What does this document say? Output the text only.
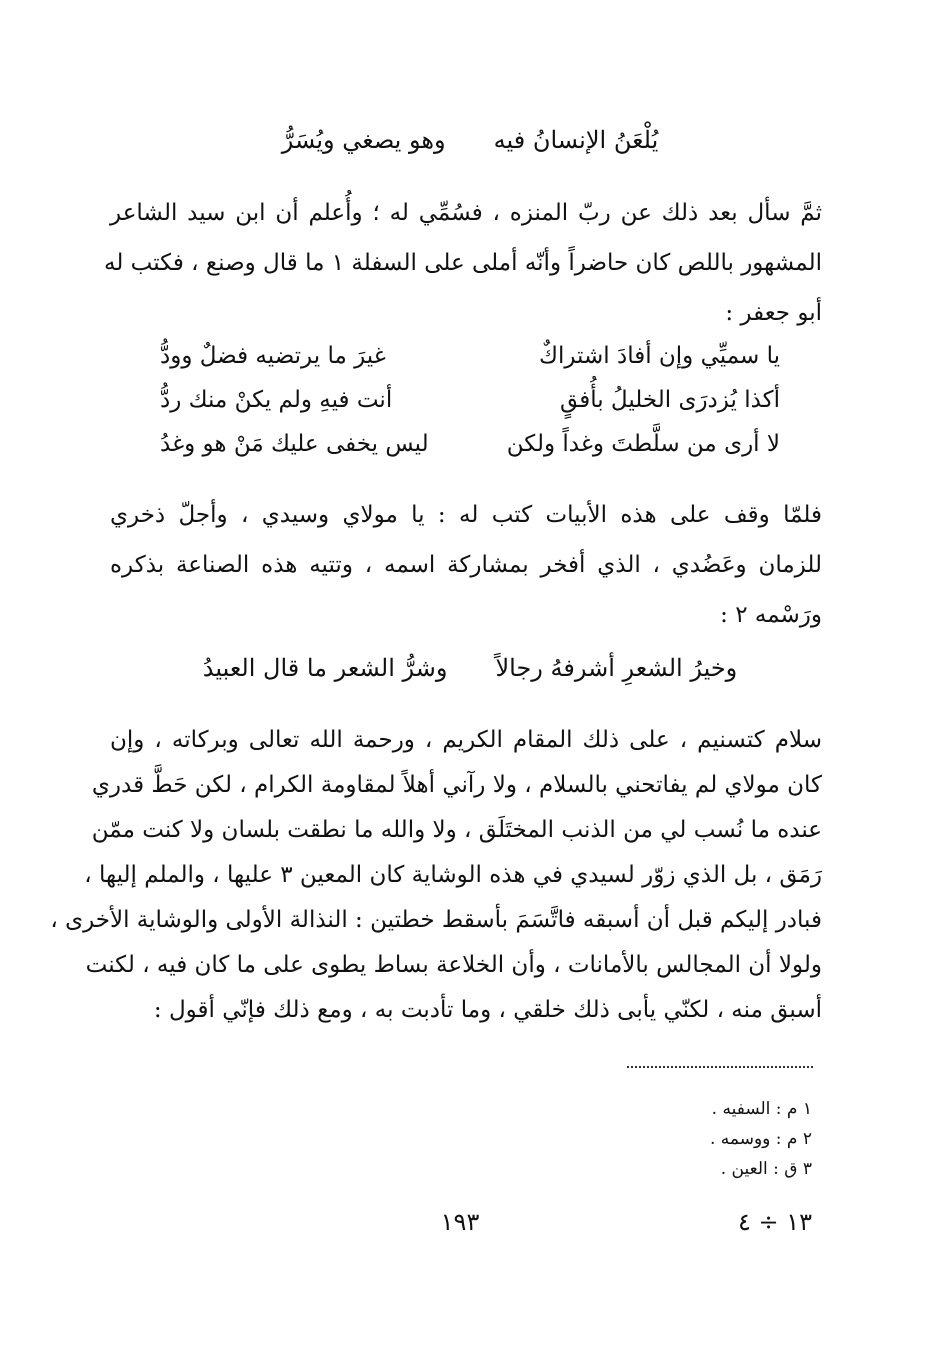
يُلْعَنُ الإنسانُ فيه
وهو يصغي ويُسَرُّ
ثمَّ سأل بعد ذلك عن ربّ المنزه ، فسُمِّي له ؛ وأُعلم أن ابن سيد الشاعر
المشهور باللص كان حاضراً وأنّه أملى على السفلة ١ ما قال وصنع ، فكتب له
أبو جعفر :
يا سميِّي وإن أفادَ اشتراكٌ
غيرَ ما يرتضيه فضلٌ وودُّ
أكذا يُزدرَى الخليلُ بأُفقٍ
أنت فيهِ ولم يكنْ منك ردُّ
لا أرى من سلَّطتَ وغداً ولكن
ليس يخفى عليك مَنْ هو وغدُ
فلمّا وقف على هذه الأبيات كتب له : يا مولاي وسيدي ، وأجلّ ذخري
للزمان وعَضُدي ، الذي أفخر بمشاركة اسمه ، وتتيه هذه الصناعة بذكره
ورَسْمه ٢ :
وخيرُ الشعرِ أشرفهُ رجالاً
وشرُّ الشعر ما قال العبيدُ
سلام كتسنيم ، على ذلك المقام الكريم ، ورحمة الله تعالى وبركاته ، وإن
كان مولاي لم يفاتحني بالسلام ، ولا رآني أهلاً لمقاومة الكرام ، لكن حَطَّ قدري
عنده ما نُسب لي من الذنب المختَلَق ، ولا والله ما نطقت بلسان ولا كنت ممّن
رَمَق ، بل الذي زوّر لسيدي في هذه الوشاية كان المعين ٣ عليها ، والملم إليها ،
فبادر إليكم قبل أن أسبقه فاتَّسَمَ بأسقط خطتين : النذالة الأولى والوشاية الأخرى ،
ولولا أن المجالس بالأمانات ، وأن الخلاعة بساط يطوى على ما كان فيه ، لكنت
أسبق منه ، لكنّي يأبى ذلك خلقي ، وما تأدبت به ، ومع ذلك فإنّي أقول :
١ م : السفيه .
٢ م : ووسمه .
٣ ق : العين .
١٩٣	١٣ ÷ ٤
